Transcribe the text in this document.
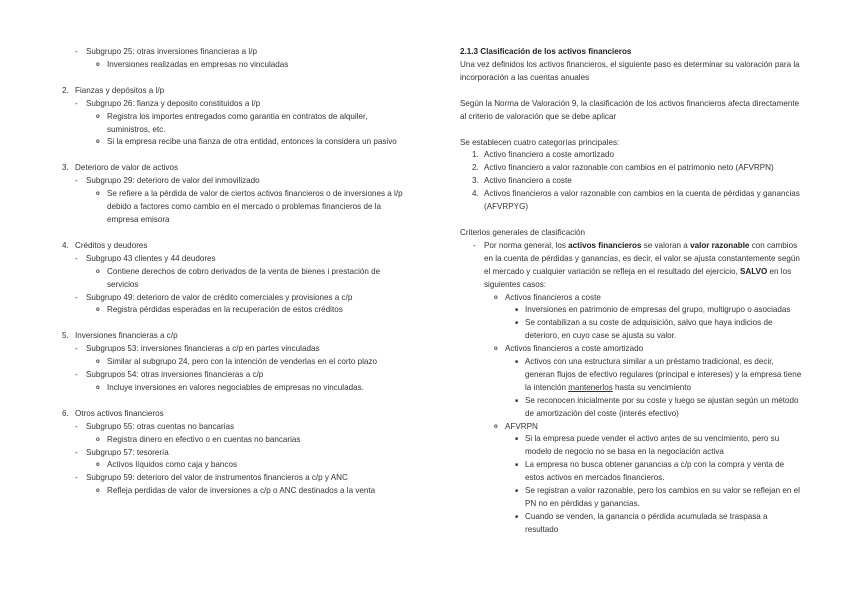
- Subgrupo 25: otras inversiones financieras a l/p
o Inversiones realizadas en empresas no vinculadas
2. Fianzas y depósitos a l/p
- Subgrupo 26: fianza y deposito constituidos a l/p
o Registra los importes entregados como garantia en contratos de alquiler, suministros, etc.
o Si la empresa recibe una fianza de otra entidad, entonces la considera un pasivo
3. Deterioro de valor de activos
- Subgrupo 29: deterioro de valor del inmovilizado
o Se refiere a la pérdida de valor de ciertos activos financieros o de inversiones a l/p debido a factores como cambio en el mercado o problemas financieros de la empresa emisora
4. Créditos y deudores
- Subgrupo 43 clientes y 44 deudores
o Contiene derechos de cobro derivados de la venta de bienes i prestación de servicios
- Subgrupo 49: deterioro de valor de crédito comerciales y provisiones a c/p
o Registra pérdidas esperadas en la recuperación de estos créditos
5. Inversiones financieras a c/p
- Subgrupos 53: inversiones financieras a c/p en partes vinculadas
o Similar al subgrupo 24, pero con la intención de venderlas en el corto plazo
- Subgrupos 54: otras inversiones financieras a c/p
o Incluye inversiones en valores negociables de empresas no vinculadas.
6. Otros activos financieros
- Subgrupo 55: otras cuentas no bancarias
o Registra dinero en efectivo o en cuentas no bancarias
- Subgrupo 57: tesorería
o Activos líquidos como caja y bancos
- Subgrupo 59: deterioro del valor de instrumentos financieros a c/p y ANC
o Refleja perdidas de valor de inversiones a c/p o ANC destinados a la venta
2.1.3 Clasificación de los activos financieros
Una vez definidos los activos financieros, el siguiente paso es determinar su valoración para la incorporación a las cuentas anuales
Según la Norma de Valoración 9, la clasificación de los activos financieros afecta directamente al criterio de valoración que se debe aplicar
Se establecen cuatro categorías principales:
1. Activo financiero a coste amortizado
2. Activo financiero a valor razonable con cambios en el patrimonio neto (AFVRPN)
3. Activo financiero a coste
4. Activos financieros a valor razonable con cambios en la cuenta de pérdidas y ganancias (AFVRPYG)
Criterios generales de clasificación
- Por norma general, los activos financieros se valoran a valor razonable con cambios en la cuenta de pérdidas y ganancias, es decir, el valor se ajusta constantemente según el mercado y cualquier variación se refleja en el resultado del ejercicio, SALVO en los siguientes casos:
o Activos financieros a coste
■ Inversiones en patrimonio de empresas del grupo, multigrupo o asociadas
■ Se contabilizan a su coste de adquisición, salvo que haya indicios de deterioro, en cuyo case se ajusta su valor.
o Activos financieros a coste amortizado
■ Activos con una estructura similar a un préstamo tradicional, es decir, generan flujos de efectivo regulares (principal e intereses) y la empresa tiene la intención mantenerlos hasta su vencimiento
■ Se reconocen inicialmente por su coste y luego se ajustan según un método de amortización del coste (interés efectivo)
o AFVRPN
■ Si la empresa puede vender el activo antes de su vencimiento, pero su modelo de negocio no se basa en la negociación activa
■ La empresa no busca obtener ganancias a c/p con la compra y venta de estos activos en mercados financieros.
■ Se registran a valor razonable, pero los cambios en su valor se reflejan en el PN no en pérdidas y ganancias.
■ Cuando se venden, la ganancia o pérdida acumulada se traspasa a resultado
